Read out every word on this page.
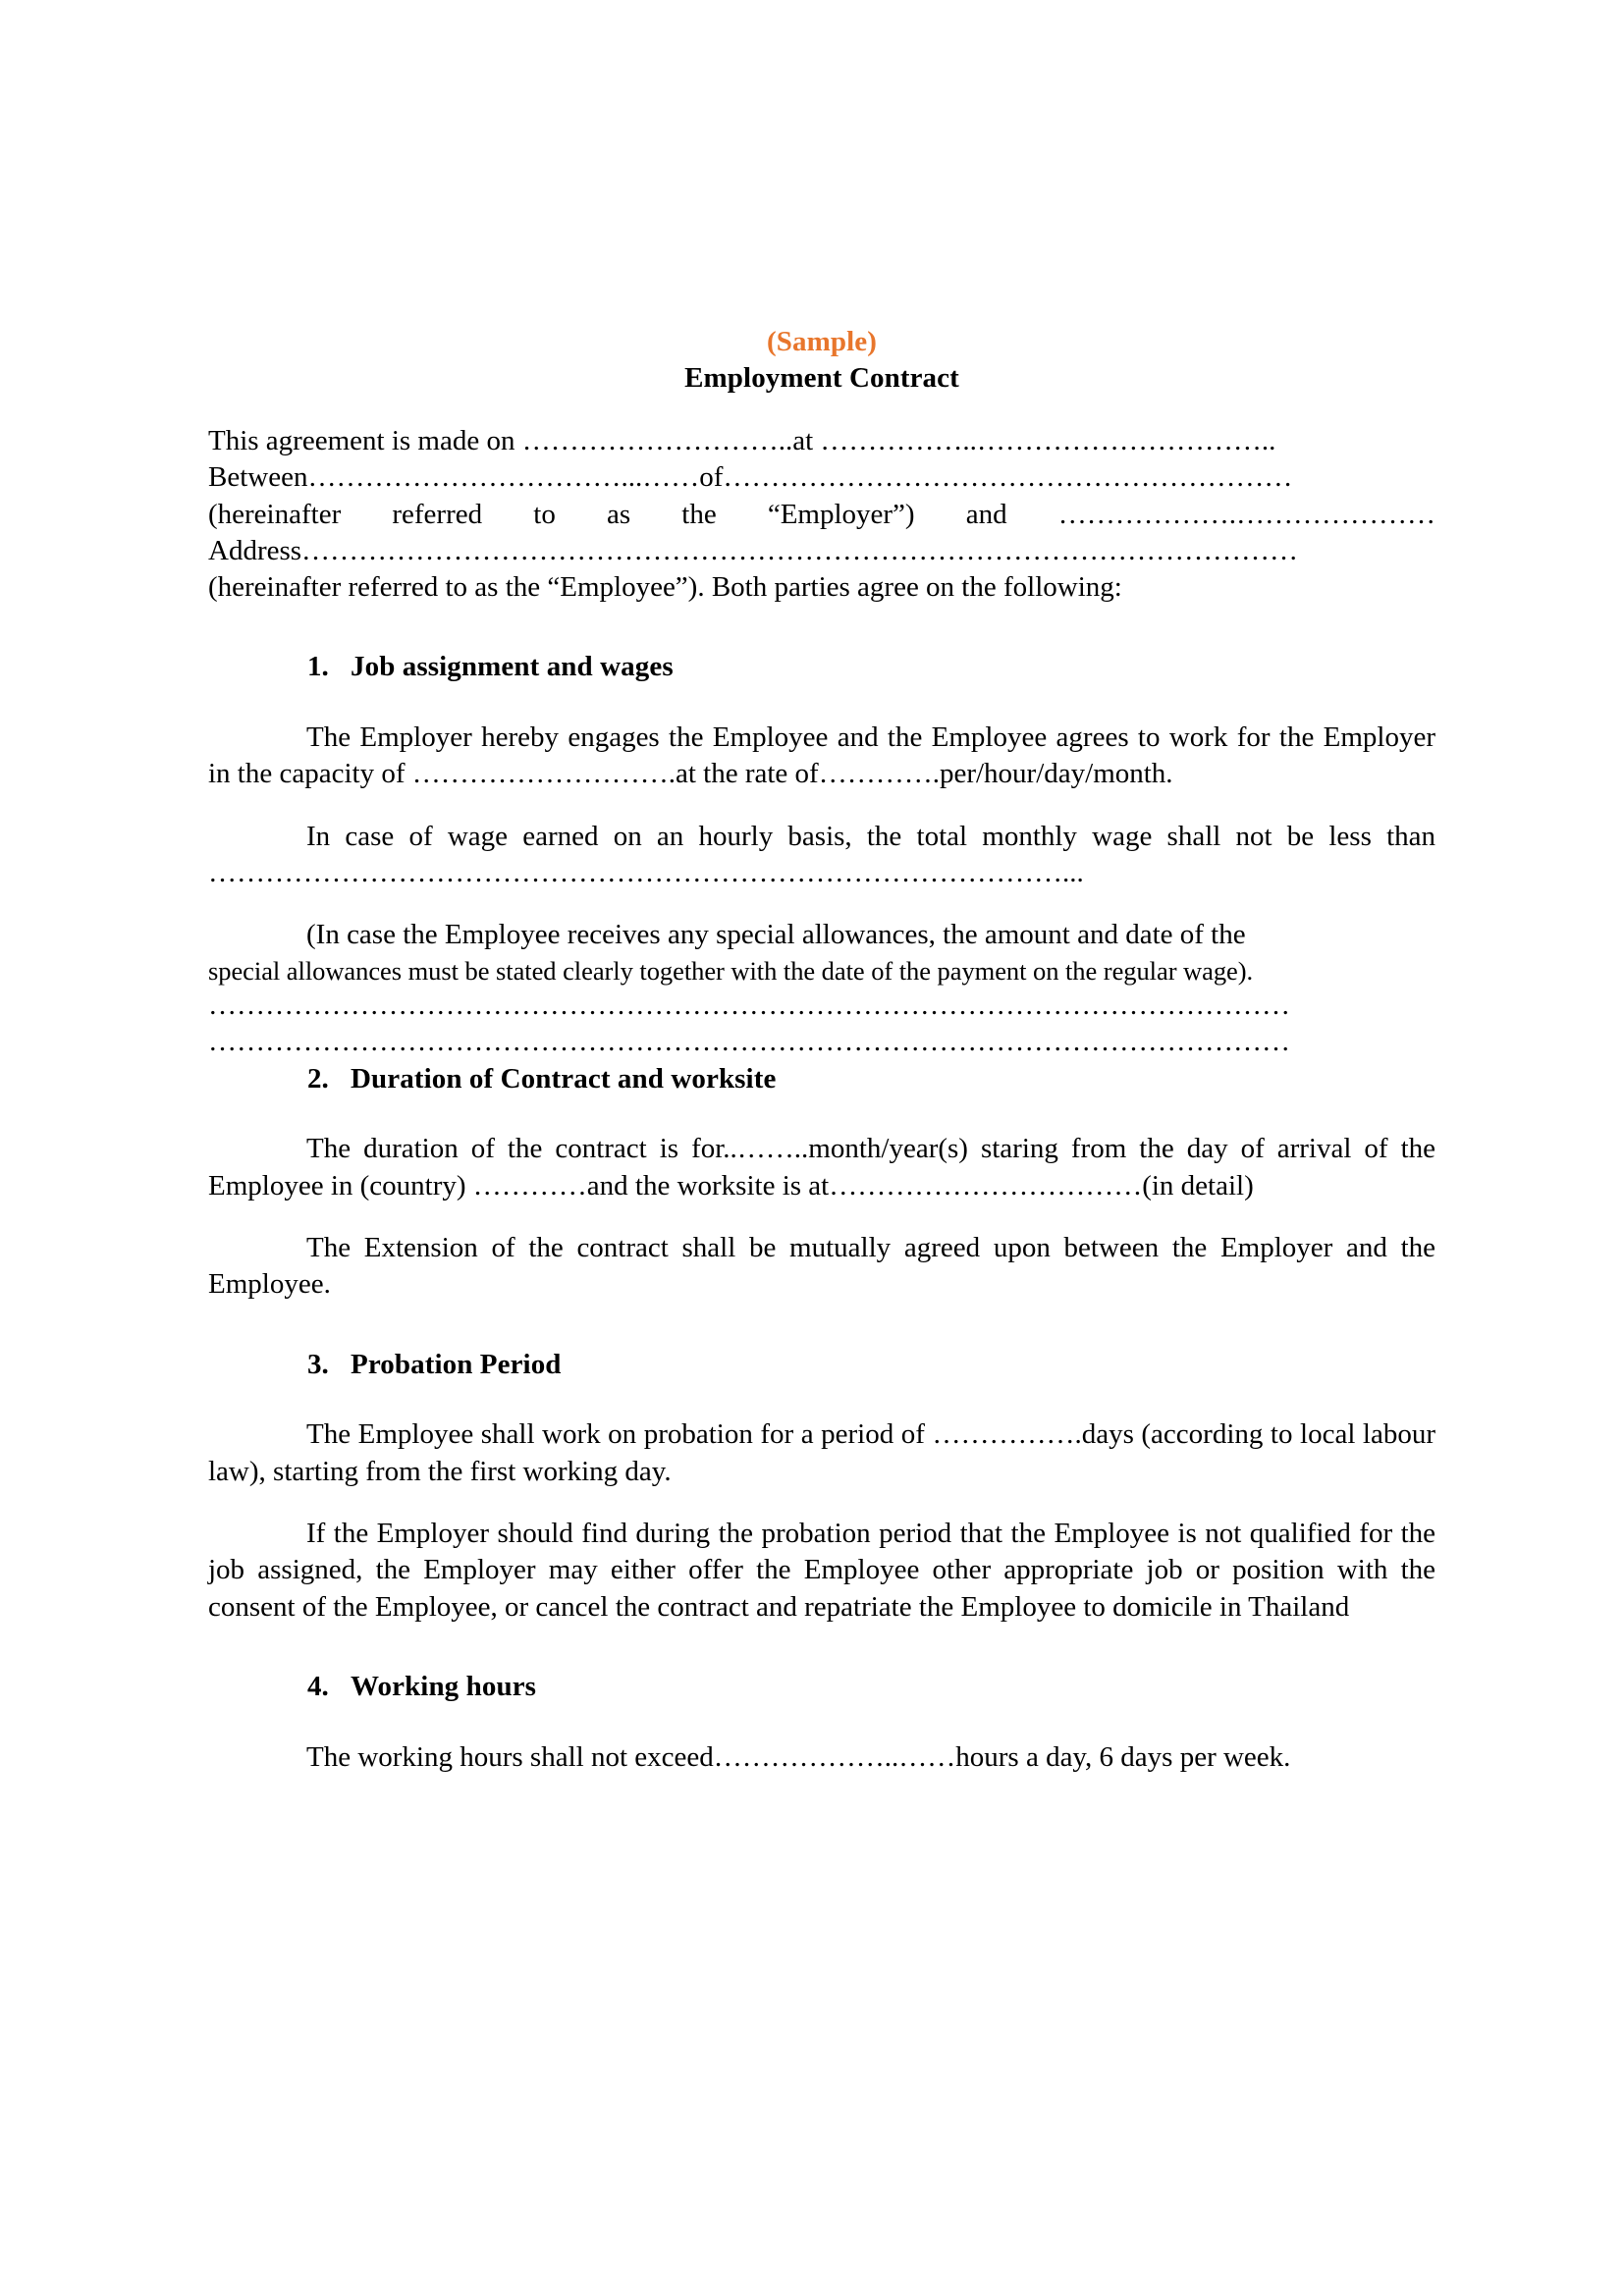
(Sample)
Employment Contract

This agreement is made on ………………………..at ……………..…………………………..

Between……………………………...……of……………………………………………………

(hereinafter referred to as the “Employer”) and ……………….…………………

Address……………………………………………………………………………………………

(hereinafter referred to as the “Employee”). Both parties agree on the following:

1. Job assignment and wages

The Employer hereby engages the Employee and the Employee agrees to work for the Employer in the capacity of ……………………….at the rate of………….per/hour/day/month.

In case of wage earned on an hourly basis, the total monthly wage shall not be less than ………………………………………………………………………………...

(In case the Employee receives any special allowances, the amount and date of the

special allowances must be stated clearly together with the date of the payment on the regular wage).

……………………………………………………………………………………………………

……………………………………………………………………………………………………

2. Duration of Contract and worksite

The duration of the contract is for..……..month/year(s) staring from the day of arrival of the Employee in (country) …………and the worksite is at……………………………(in detail)

The Extension of the contract shall be mutually agreed upon between the Employer and the Employee.

3. Probation Period

The Employee shall work on probation for a period of …………….days (according to local labour law), starting from the first working day.

If the Employer should find during the probation period that the Employee is not qualified for the job assigned, the Employer may either offer the Employee other appropriate job or position with the consent of the Employee, or cancel the contract and repatriate the Employee to domicile in Thailand

4. Working hours

The working hours shall not exceed………………..……hours a day, 6 days per week.
